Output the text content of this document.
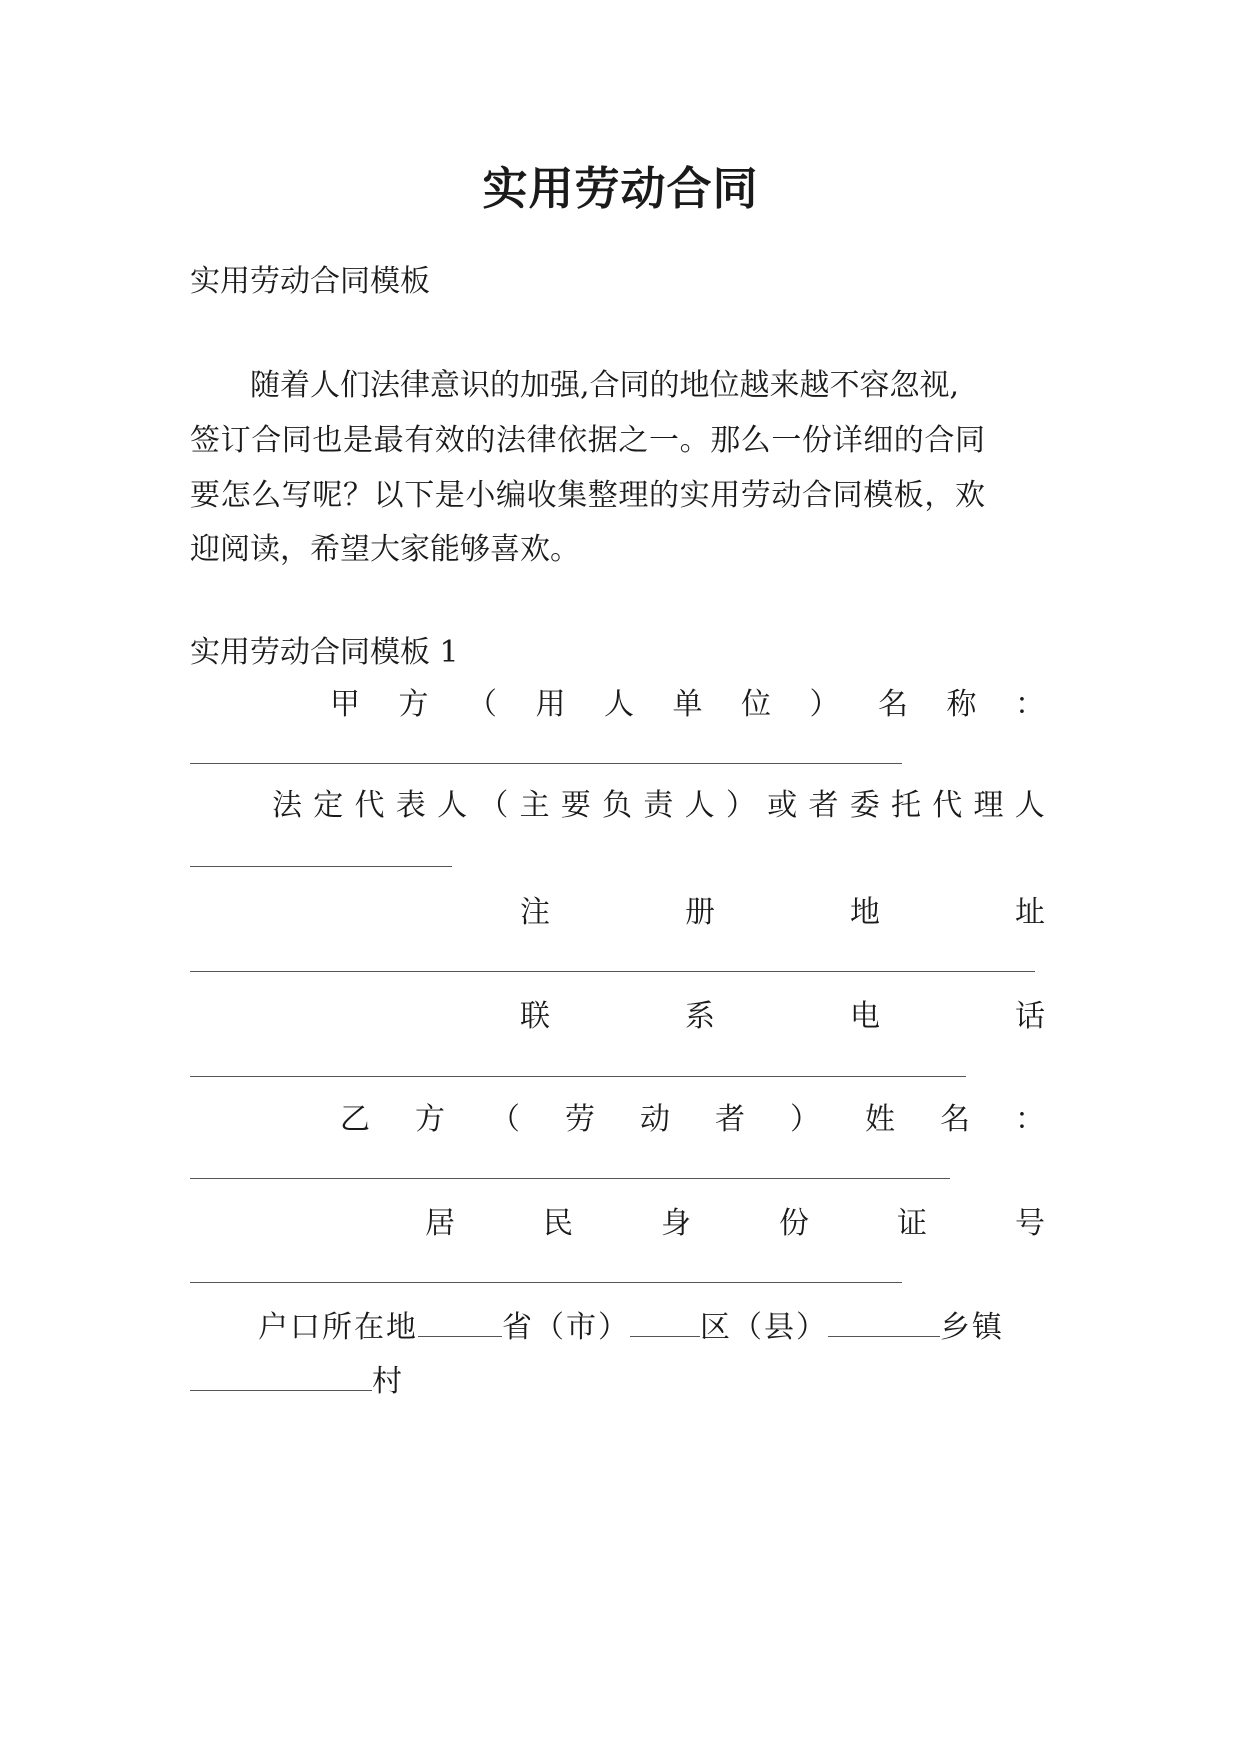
实用劳动合同
实用劳动合同模板
随着人们法律意识的加强,合同的地位越来越不容忽视,
签订合同也是最有效的法律依据之一。那么一份详细的合同
要怎么写呢？以下是小编收集整理的实用劳动合同模板，欢
迎阅读，希望大家能够喜欢。
实用劳动合同模板 1
甲 方 （ 用 人 单 位 ） 名 称 ：
法 定 代 表 人 （ 主 要 负 责 人 ） 或 者 委 托 代 理 人
注	册	地	址
联	系	电	话
乙 方 （ 劳 动 者 ） 姓 名 ：
居	民	身	份	证	号
户口所在地	省（市） 区（县）	乡镇
村
